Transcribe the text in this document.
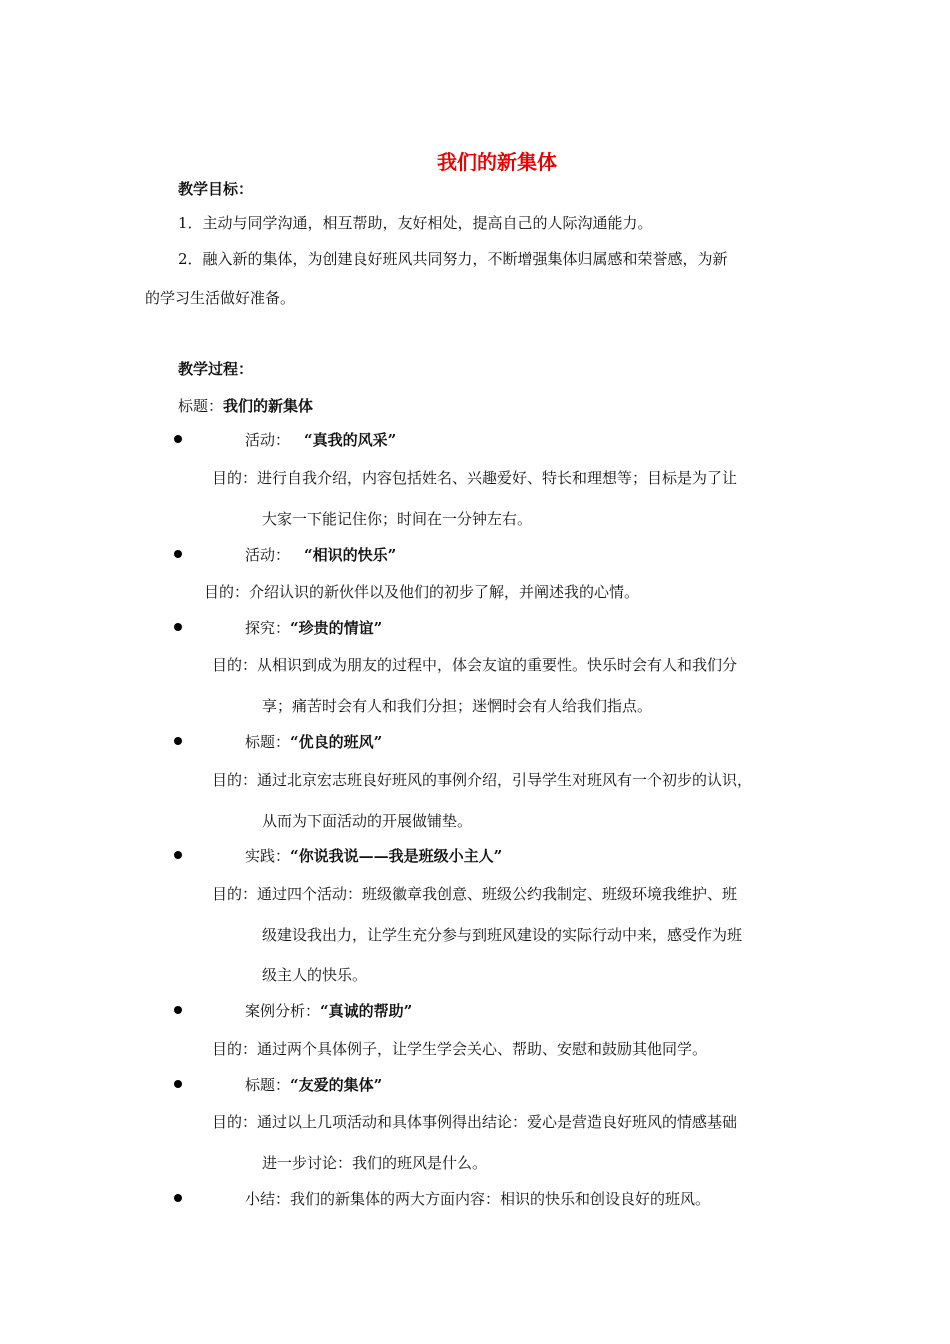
我们的新集体
教学目标：
1．主动与同学沟通，相互帮助，友好相处，提高自己的人际沟通能力。
2．融入新的集体，为创建良好班风共同努力，不断增强集体归属感和荣誉感，为新
的学习生活做好准备。
教学过程：
标题：我们的新集体
活动： “真我的风采”
目的：进行自我介绍，内容包括姓名、兴趣爱好、特长和理想等；目标是为了让
大家一下能记住你；时间在一分钟左右。
活动： “相识的快乐”
目的：介绍认识的新伙伴以及他们的初步了解，并阐述我的心情。
探究：“珍贵的情谊”
目的：从相识到成为朋友的过程中，体会友谊的重要性。快乐时会有人和我们分
享；痛苦时会有人和我们分担；迷惘时会有人给我们指点。
标题：“优良的班风”
目的：通过北京宏志班良好班风的事例介绍，引导学生对班风有一个初步的认识，
从而为下面活动的开展做铺垫。
实践：“你说我说——我是班级小主人”
目的：通过四个活动：班级徽章我创意、班级公约我制定、班级环境我维护、班
级建设我出力，让学生充分参与到班风建设的实际行动中来，感受作为班
级主人的快乐。
案例分析：“真诚的帮助”
目的：通过两个具体例子，让学生学会关心、帮助、安慰和鼓励其他同学。
标题：“友爱的集体”
目的：通过以上几项活动和具体事例得出结论：爱心是营造良好班风的情感基础
进一步讨论：我们的班风是什么。
小结：我们的新集体的两大方面内容：相识的快乐和创设良好的班风。
